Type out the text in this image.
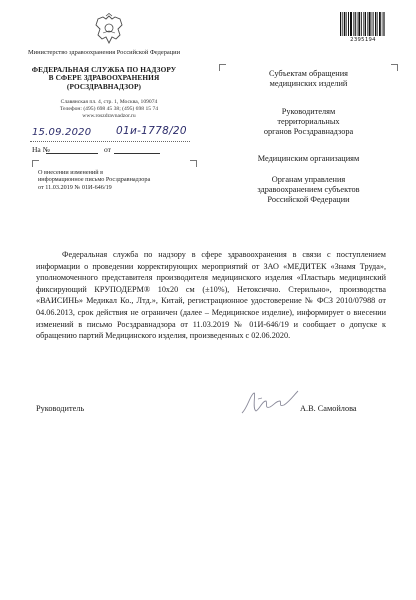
Министерство здравоохранения Российской Федерации
ФЕДЕРАЛЬНАЯ СЛУЖБА ПО НАДЗОРУ
В СФЕРЕ ЗДРАВООХРАНЕНИЯ
(РОСЗДРАВНАДЗОР)
Славянская пл. 4, стр. 1, Москва, 109074
Телефон: (495) 698 45 38; (495) 698 15 74
www.roszdravnadzor.ru
15.09.2020 01и-1778/20
На №	от
О внесении изменений в
информационное письмо Росздравнадзора
от 11.03.2019 № 01И-646/19
2395194
Субъектам обращения
медицинских изделий
Руководителям
территориальных
органов Росздравнадзора
Медицинским организациям
Органам управления
здравоохранением субъектов
Российской Федерации
Федеральная служба по надзору в сфере здравоохранения в связи с поступлением информации о проведении корректирующих мероприятий от ЗАО «МЕДИТЕК «Знамя Труда», уполномоченного представителя производителя медицинского изделия «Пластырь медицинский фиксирующий КРУПОДЕРМ® 10х20 см (±10%), Нетоксично. Стерильно», производства «ВАИСИНЬ» Медикал Ко., Лтд.», Китай, регистрационное удостоверение № ФСЗ 2010/07988 от 04.06.2013, срок действия не ограничен (далее – Медицинское изделие), информирует о внесении изменений в письмо Росздравнадзора от 11.03.2019 № 01И-646/19 и сообщает о допуске к обращению партий Медицинского изделия, произведенных с 02.06.2020.
Руководитель	А.В. Самойлова
